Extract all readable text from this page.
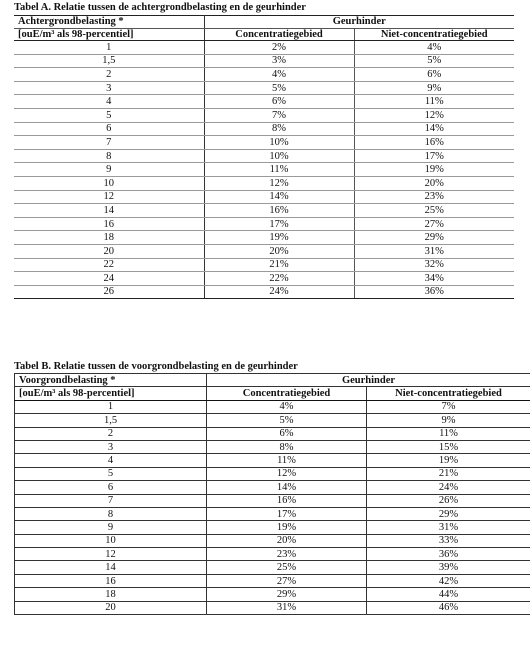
Tabel A. Relatie tussen de achtergrondbelasting en de geurhinder
Achtergrondbelasting *	Geurhinder	
[ouE/m³ als 98-percentiel]	Concentratiegebied	Niet-concentratiegebied
1	2%	4%
1,5	3%	5%
2	4%	6%
3	5%	9%
4	6%	11%
5	7%	12%
6	8%	14%
7	10%	16%
8	10%	17%
9	11%	19%
10	12%	20%
12	14%	23%
14	16%	25%
16	17%	27%
18	19%	29%
20	20%	31%
22	21%	32%
24	22%	34%
26	24%	36%
Tabel B. Relatie tussen de voorgrondbelasting en de geurhinder
Voorgrondbelasting *	Geurhinder	
[ouE/m³ als 98-percentiel]	Concentratiegebied	Niet-concentratiegebied
1	4%	7%
1,5	5%	9%
2	6%	11%
3	8%	15%
4	11%	19%
5	12%	21%
6	14%	24%
7	16%	26%
8	17%	29%
9	19%	31%
10	20%	33%
12	23%	36%
14	25%	39%
16	27%	42%
18	29%	44%
20	31%	46%
